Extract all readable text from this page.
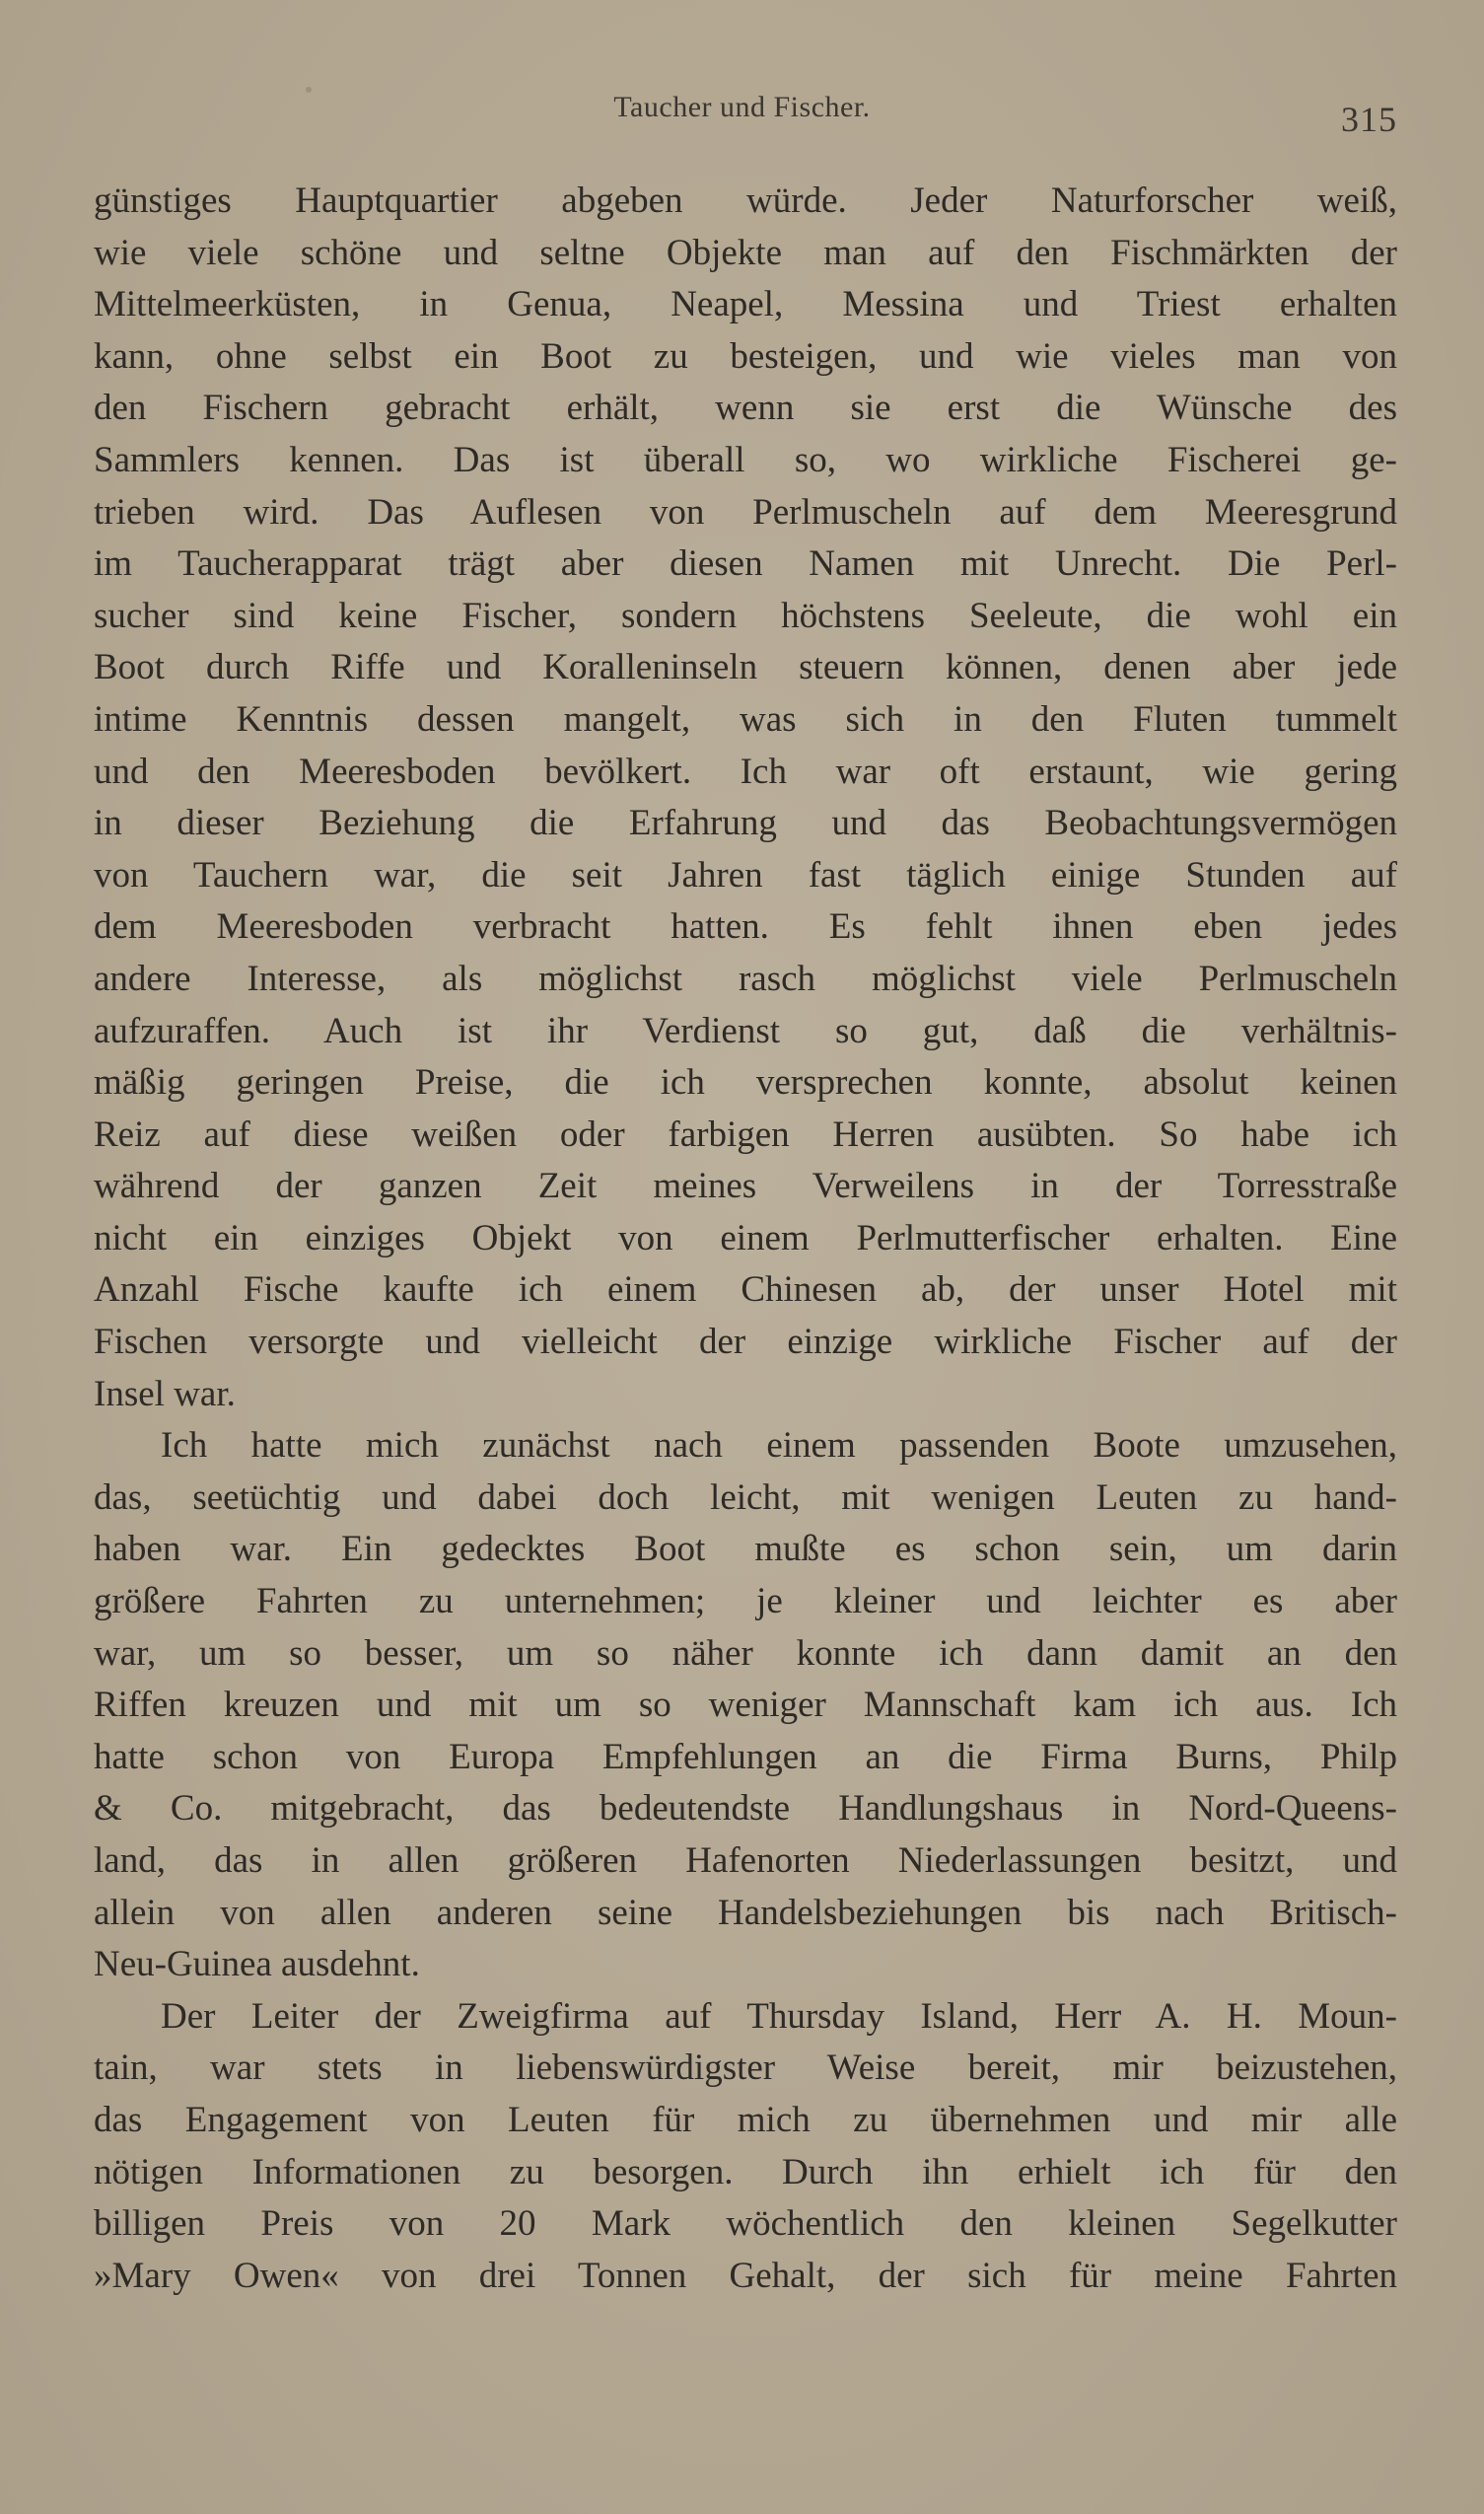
Taucher und Fischer.	315
günstiges Hauptquartier abgeben würde. Jeder Naturforscher weiß,
wie viele schöne und seltne Objekte man auf den Fischmärkten der
Mittelmeerküsten, in Genua, Neapel, Messina und Triest erhalten
kann, ohne selbst ein Boot zu besteigen, und wie vieles man von
den Fischern gebracht erhält, wenn sie erst die Wünsche des
Sammlers kennen. Das ist überall so, wo wirkliche Fischerei ge-
trieben wird. Das Auflesen von Perlmuscheln auf dem Meeresgrund
im Taucherapparat trägt aber diesen Namen mit Unrecht. Die Perl-
sucher sind keine Fischer, sondern höchstens Seeleute, die wohl ein
Boot durch Riffe und Koralleninseln steuern können, denen aber jede
intime Kenntnis dessen mangelt, was sich in den Fluten tummelt
und den Meeresboden bevölkert. Ich war oft erstaunt, wie gering
in dieser Beziehung die Erfahrung und das Beobachtungsvermögen
von Tauchern war, die seit Jahren fast täglich einige Stunden auf
dem Meeresboden verbracht hatten. Es fehlt ihnen eben jedes
andere Interesse, als möglichst rasch möglichst viele Perlmuscheln
aufzuraffen. Auch ist ihr Verdienst so gut, daß die verhältnis-
mäßig geringen Preise, die ich versprechen konnte, absolut keinen
Reiz auf diese weißen oder farbigen Herren ausübten. So habe ich
während der ganzen Zeit meines Verweilens in der Torresstraße
nicht ein einziges Objekt von einem Perlmutterfischer erhalten. Eine
Anzahl Fische kaufte ich einem Chinesen ab, der unser Hotel mit
Fischen versorgte und vielleicht der einzige wirkliche Fischer auf der
Insel war.
Ich hatte mich zunächst nach einem passenden Boote umzusehen,
das, seetüchtig und dabei doch leicht, mit wenigen Leuten zu hand-
haben war. Ein gedecktes Boot mußte es schon sein, um darin
größere Fahrten zu unternehmen; je kleiner und leichter es aber
war, um so besser, um so näher konnte ich dann damit an den
Riffen kreuzen und mit um so weniger Mannschaft kam ich aus. Ich
hatte schon von Europa Empfehlungen an die Firma Burns, Philp
& Co. mitgebracht, das bedeutendste Handlungshaus in Nord-Queens-
land, das in allen größeren Hafenorten Niederlassungen besitzt, und
allein von allen anderen seine Handelsbeziehungen bis nach Britisch-
Neu-Guinea ausdehnt.
Der Leiter der Zweigfirma auf Thursday Island, Herr A. H. Moun-
tain, war stets in liebenswürdigster Weise bereit, mir beizustehen,
das Engagement von Leuten für mich zu übernehmen und mir alle
nötigen Informationen zu besorgen. Durch ihn erhielt ich für den
billigen Preis von 20 Mark wöchentlich den kleinen Segelkutter
»Mary Owen« von drei Tonnen Gehalt, der sich für meine Fahrten
